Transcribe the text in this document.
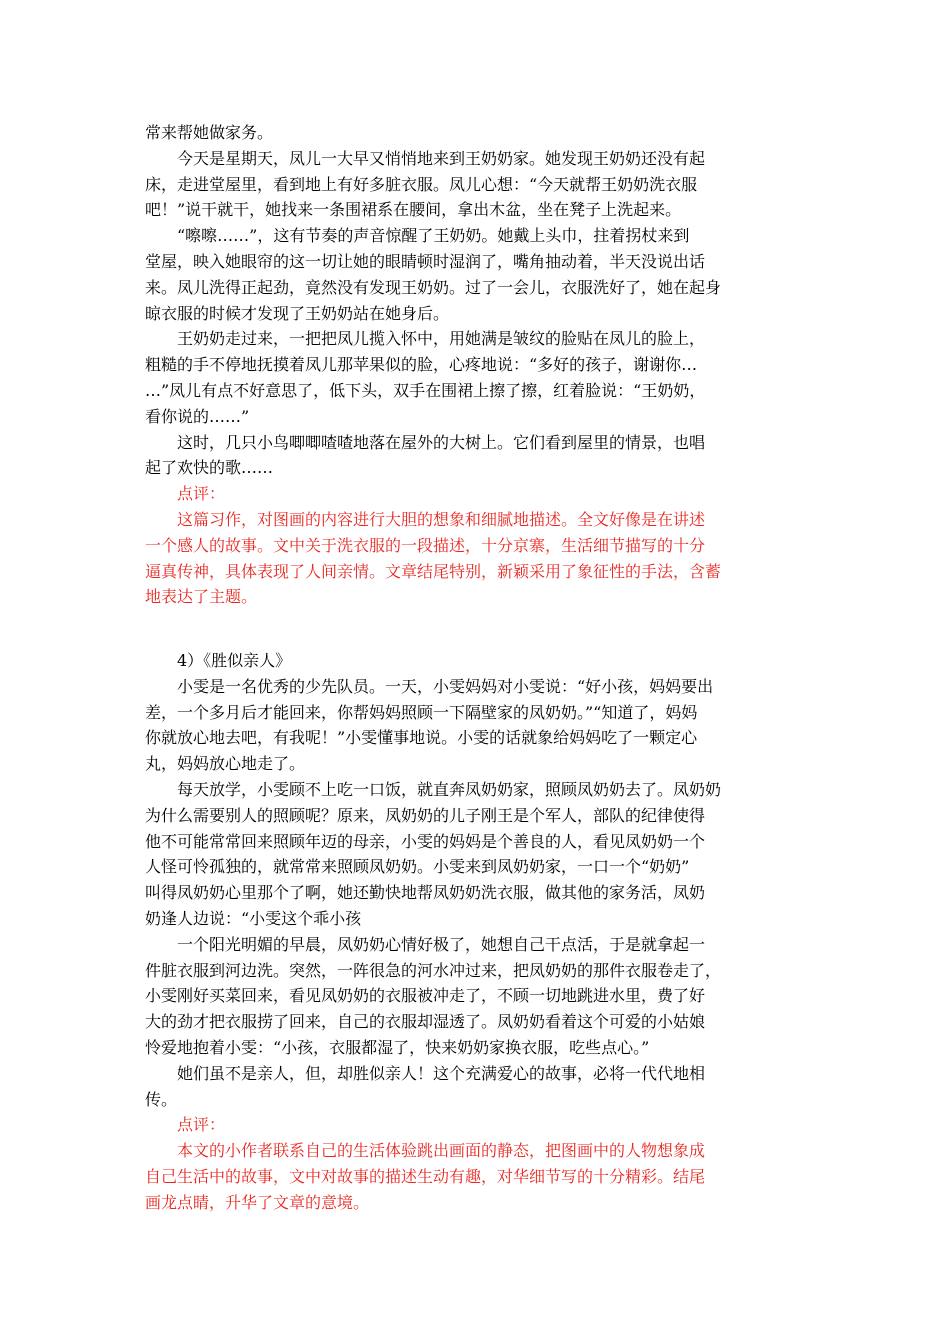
常来帮她做家务。
　　今天是星期天，凤儿一大早又悄悄地来到王奶奶家。她发现王奶奶还没有起
床，走进堂屋里，看到地上有好多脏衣服。凤儿心想：“今天就帮王奶奶洗衣服
吧！”说干就干，她找来一条围裙系在腰间，拿出木盆，坐在凳子上洗起来。
　　“嚓嚓……”，这有节奏的声音惊醒了王奶奶。她戴上头巾，拄着拐杖来到
堂屋，映入她眼帘的这一切让她的眼睛顿时湿润了，嘴角抽动着，半天没说出话
来。凤儿洗得正起劲，竟然没有发现王奶奶。过了一会儿，衣服洗好了，她在起身
晾衣服的时候才发现了王奶奶站在她身后。
　　王奶奶走过来，一把把凤儿揽入怀中，用她满是皱纹的脸贴在凤儿的脸上，
粗糙的手不停地抚摸着凤儿那苹果似的脸，心疼地说：“多好的孩子，谢谢你…
…”凤儿有点不好意思了，低下头，双手在围裙上擦了擦，红着脸说：“王奶奶，
看你说的……”
　　这时，几只小鸟唧唧喳喳地落在屋外的大树上。它们看到屋里的情景，也唱
起了欢快的歌……
　　点评：
　　这篇习作，对图画的内容进行大胆的想象和细腻地描述。全文好像是在讲述
一个感人的故事。文中关于洗衣服的一段描述，十分京寨，生活细节描写的十分
逼真传神，具体表现了人间亲情。文章结尾特别，新颖采用了象征性的手法，含蓄
地表达了主题。
　　4）《胜似亲人》
　　小雯是一名优秀的少先队员。一天，小雯妈妈对小雯说：“好小孩，妈妈要出
差，一个多月后才能回来，你帮妈妈照顾一下隔壁家的凤奶奶。”“知道了，妈妈
你就放心地去吧，有我呢！”小雯懂事地说。小雯的话就象给妈妈吃了一颗定心
丸，妈妈放心地走了。
　　每天放学，小雯顾不上吃一口饭，就直奔凤奶奶家，照顾凤奶奶去了。凤奶奶
为什么需要别人的照顾呢？原来，凤奶奶的儿子刚王是个军人，部队的纪律使得
他不可能常常回来照顾年迈的母亲，小雯的妈妈是个善良的人，看见凤奶奶一个
人怪可怜孤独的，就常常来照顾凤奶奶。小雯来到凤奶奶家，一口一个“奶奶”
叫得凤奶奶心里那个了啊，她还勤快地帮凤奶奶洗衣服，做其他的家务活，凤奶
奶逢人边说：“小雯这个乖小孩
　　一个阳光明媚的早晨，凤奶奶心情好极了，她想自己干点活，于是就拿起一
件脏衣服到河边洗。突然，一阵很急的河水冲过来，把凤奶奶的那件衣服卷走了，
小雯刚好买菜回来，看见凤奶奶的衣服被冲走了，不顾一切地跳进水里，费了好
大的劲才把衣服捞了回来，自己的衣服却湿透了。凤奶奶看着这个可爱的小姑娘
怜爱地抱着小雯：“小孩，衣服都湿了，快来奶奶家换衣服，吃些点心。”
　　她们虽不是亲人，但，却胜似亲人！这个充满爱心的故事，必将一代代地相
传。
　　点评：
　　本文的小作者联系自己的生活体验跳出画面的静态，把图画中的人物想象成
自己生活中的故事，文中对故事的描述生动有趣，对华细节写的十分精彩。结尾
画龙点睛，升华了文章的意境。
